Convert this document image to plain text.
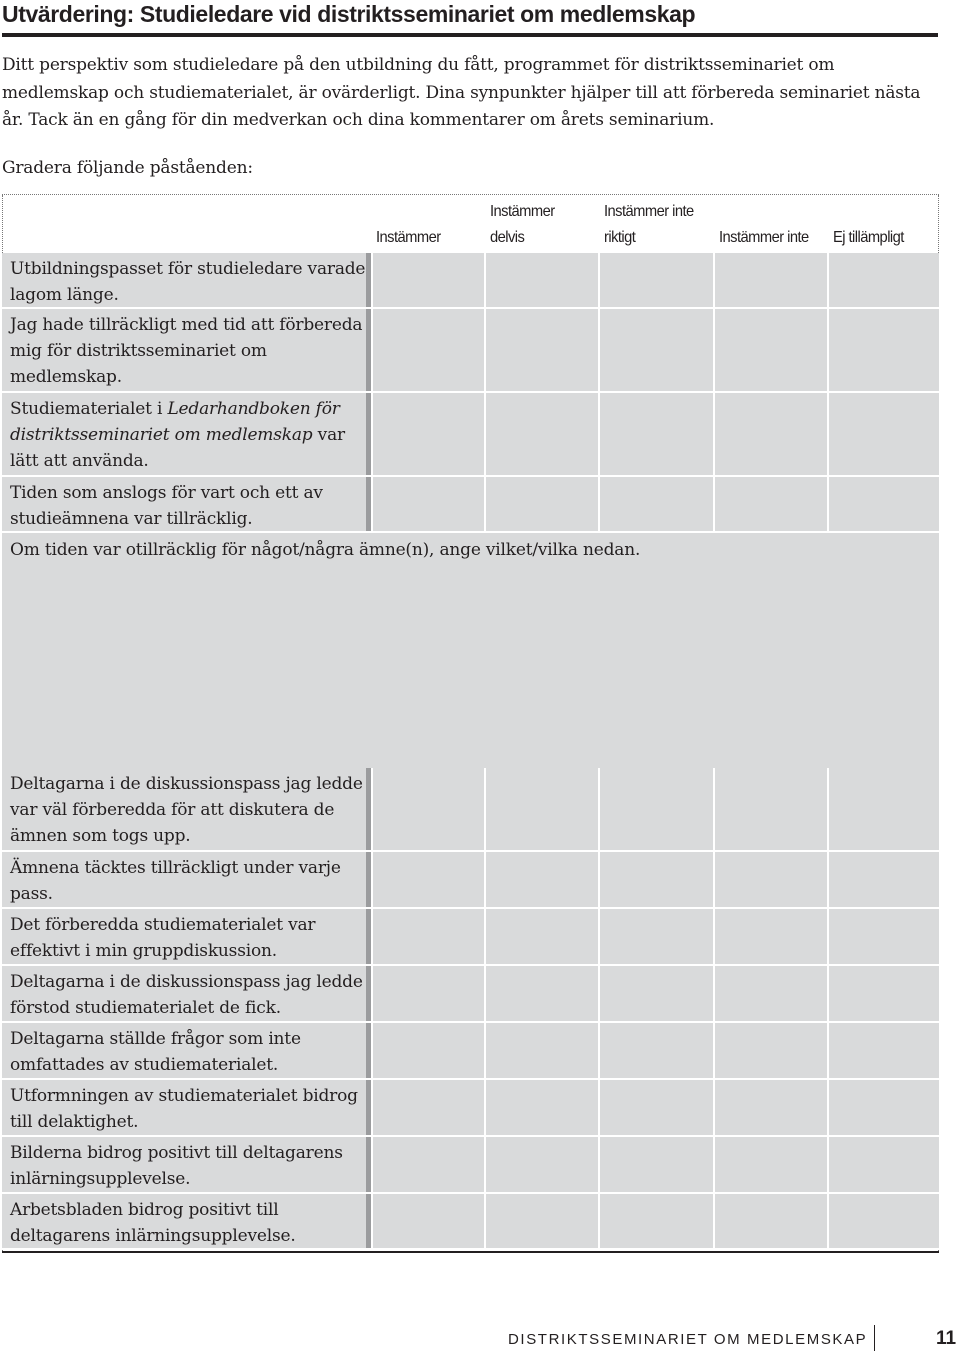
Utvärdering: Studieledare vid distriktsseminariet om medlemskap
Ditt perspektiv som studieledare på den utbildning du fått, programmet för distriktsseminariet om medlemskap och studiematerialet, är ovärderligt. Dina synpunkter hjälper till att förbereda seminariet nästa år. Tack än en gång för din medverkan och dina kommentarer om årets seminarium.
Gradera följande påståenden:
Instämmer
Instämmer
delvis
Instämmer inte
riktigt	Instämmer inte Ej tillämpligt
Om tiden var otillräcklig för något/några ämne(n), ange vilket/vilka nedan.
Utbildningspasset för studieledare varade lagom länge.
Jag hade tillräckligt med tid att förbereda mig för distriktsseminariet om medlemskap.
Studiematerialet i Ledarhandboken för distriktsseminariet om medlemskap var lätt att använda.
Tiden som anslogs för vart och ett av studieämnena var tillräcklig.
Deltagarna i de diskussionspass jag ledde var väl förberedda för att diskutera de ämnen som togs upp.
Ämnena täcktes tillräckligt under varje pass.
Det förberedda studiematerialet var effektivt i min gruppdiskussion.
Deltagarna i de diskussionspass jag ledde förstod studiematerialet de fick.
Deltagarna ställde frågor som inte omfattades av studiematerialet.
Utformningen av studiematerialet bidrog till delaktighet.
Bilderna bidrog positivt till deltagarens inlärningsupplevelse.
Arbetsbladen bidrog positivt till deltagarens inlärningsupplevelse.
DISTRIKTSSEMINARIET OM MEDLEMSKAP	11
